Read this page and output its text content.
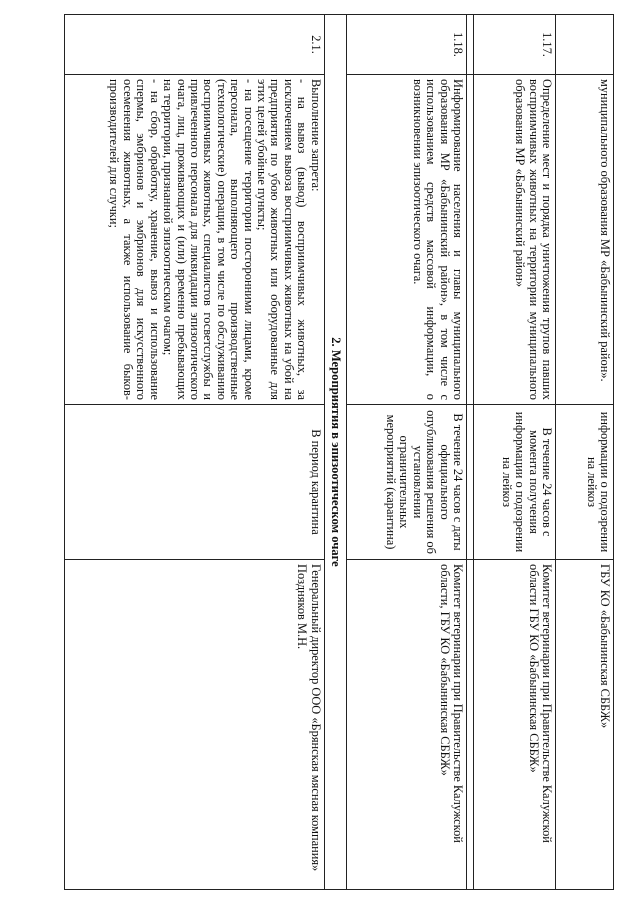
	муниципального образования МР «Бабынинский район».	информации о подозрении на лейкоз	ГБУ КО «Бабынинская СББЖ»
1.17.	Определение мест и порядка уничтожения трупов павших восприимчивых животных на территории муниципального образования МР «Бабынинский район»	В течение 24 часов с момента получения информации о подозрении на лейкоз	Комитет ветеринарии при Правительстве Калужской области ГБУ КО «Бабынинская СББЖ»

1.18.	Информирование населения и главы муниципального образования МР «Бабынинский район», в том числе с использованием средств массовой информации, о возникновении эпизоотического очага.	В течение 24 часов с даты официального опубликования решения об установлении ограничительных мероприятий (карантина)	Комитет ветеринарии при Правительстве Калужской области, ГБУ КО «Бабынинская СББЖ»
2. Мероприятия в эпизоотическом очаге			
2.1.	Выполнение запрета:
- на вывоз (вывод) восприимчивых животных, за исключением вывоза восприимчивых животных на убой на предприятия по убою животных или оборудованные для этих целей убойные пункты;
- на посещение территории посторонними лицами, кроме персонала, выполняющего производственные (технологические) операции, в том числе по обслуживанию восприимчивых животных, специалистов госветслужбы и привлеченного персонала для ликвидации эпизоотического очага, лиц, проживающих и (или) временно пребывающих на территории, признанной эпизоотическим очагом;
- на сбор, обработку, хранение, вывоз и использование спермы, эмбрионов и эмбрионов для искусственного осеменения животных, а также использование быков-производителей для случки;	В период карантина	Генеральный директор ООО «Брянская мясная компания» Поздняков М.Н.
